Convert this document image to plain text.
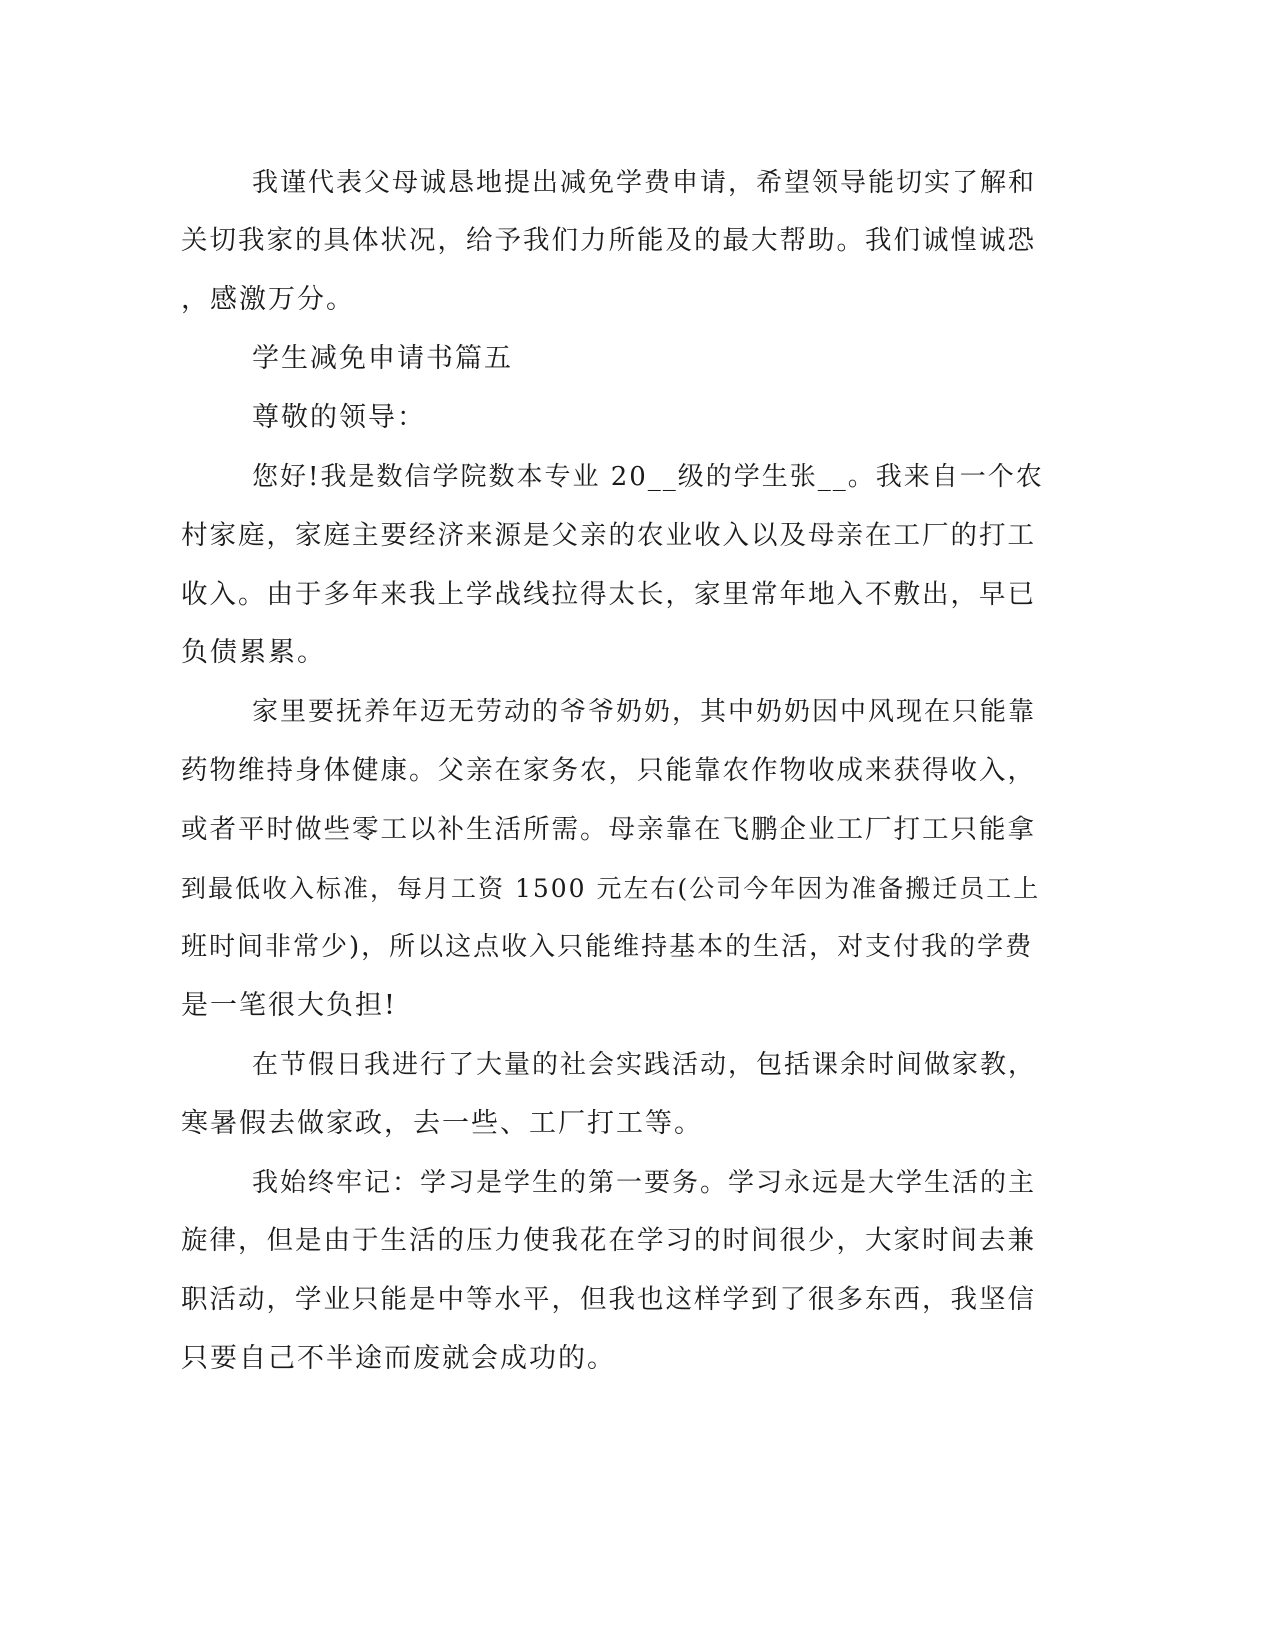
我谨代表父母诚恳地提出减免学费申请，希望领导能切实了解和
关切我家的具体状况，给予我们力所能及的最大帮助。我们诚惶诚恐
，感激万分。
学生减免申请书篇五
尊敬的领导：
您好!我是数信学院数本专业 20__级的学生张__。我来自一个农
村家庭，家庭主要经济来源是父亲的农业收入以及母亲在工厂的打工
收入。由于多年来我上学战线拉得太长，家里常年地入不敷出，早已
负债累累。
家里要抚养年迈无劳动的爷爷奶奶，其中奶奶因中风现在只能靠
药物维持身体健康。父亲在家务农，只能靠农作物收成来获得收入，
或者平时做些零工以补生活所需。母亲靠在飞鹏企业工厂打工只能拿
到最低收入标准，每月工资 1500 元左右(公司今年因为准备搬迁员工上
班时间非常少)，所以这点收入只能维持基本的生活，对支付我的学费
是一笔很大负担!
在节假日我进行了大量的社会实践活动，包括课余时间做家教，
寒暑假去做家政，去一些、工厂打工等。
我始终牢记：学习是学生的第一要务。学习永远是大学生活的主
旋律，但是由于生活的压力使我花在学习的时间很少，大家时间去兼
职活动，学业只能是中等水平，但我也这样学到了很多东西，我坚信
只要自己不半途而废就会成功的。
